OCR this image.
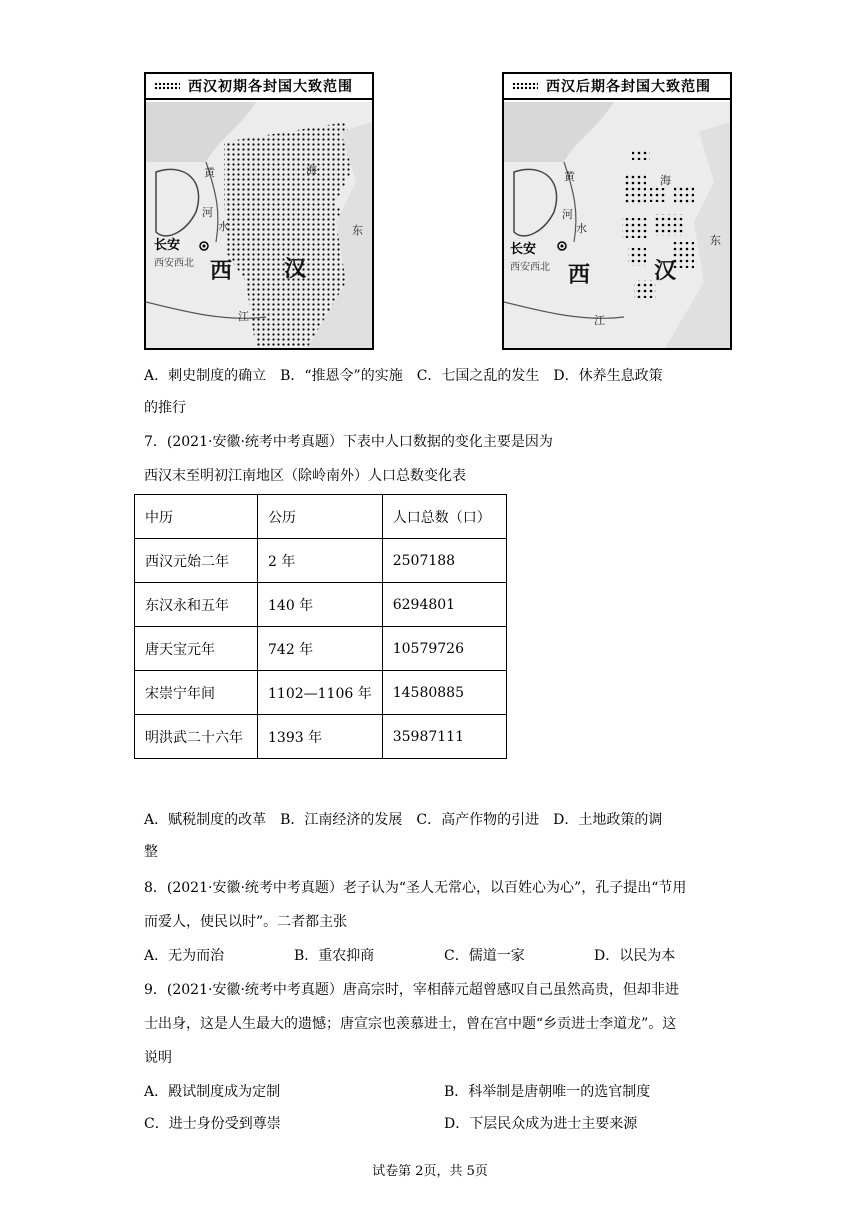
西汉初期各封国大致范围
长安
西安西北 西 汉
黄
河
水
海
东
江
西汉后期各封国大致范围
长安
西安西北 西	汉
黄
河
水
海
东
江
A．刺史制度的确立　B．“推恩令”的实施　C．七国之乱的发生　D．休养生息政策
的推行
7．(2021·安徽·统考中考真题）下表中人口数据的变化主要是因为
西汉末至明初江南地区（除岭南外）人口总数变化表
中历	公历	人口总数（口）
西汉元始二年	2 年	2507188
东汉永和五年	140 年	6294801
唐天宝元年	742 年	10579726
宋崇宁年间	1102—1106 年	14580885
明洪武二十六年	1393 年	35987111
A．赋税制度的改革　B．江南经济的发展　C．高产作物的引进　D．土地政策的调
整
8．(2021·安徽·统考中考真题）老子认为“圣人无常心，以百姓心为心”，孔子提出“节用
而爱人，使民以时”。二者都主张
A．无为而治	B．重农抑商	C．儒道一家	D．以民为本
9．(2021·安徽·统考中考真题）唐高宗时，宰相薛元超曾感叹自己虽然高贵，但却非进
士出身，这是人生最大的遗憾；唐宣宗也羡慕进士，曾在宫中题“乡贡进士李道龙”。这
说明
A．殿试制度成为定制	B．科举制是唐朝唯一的选官制度
C．进士身份受到尊崇	D．下层民众成为进士主要来源
试卷第 2页，共 5页
